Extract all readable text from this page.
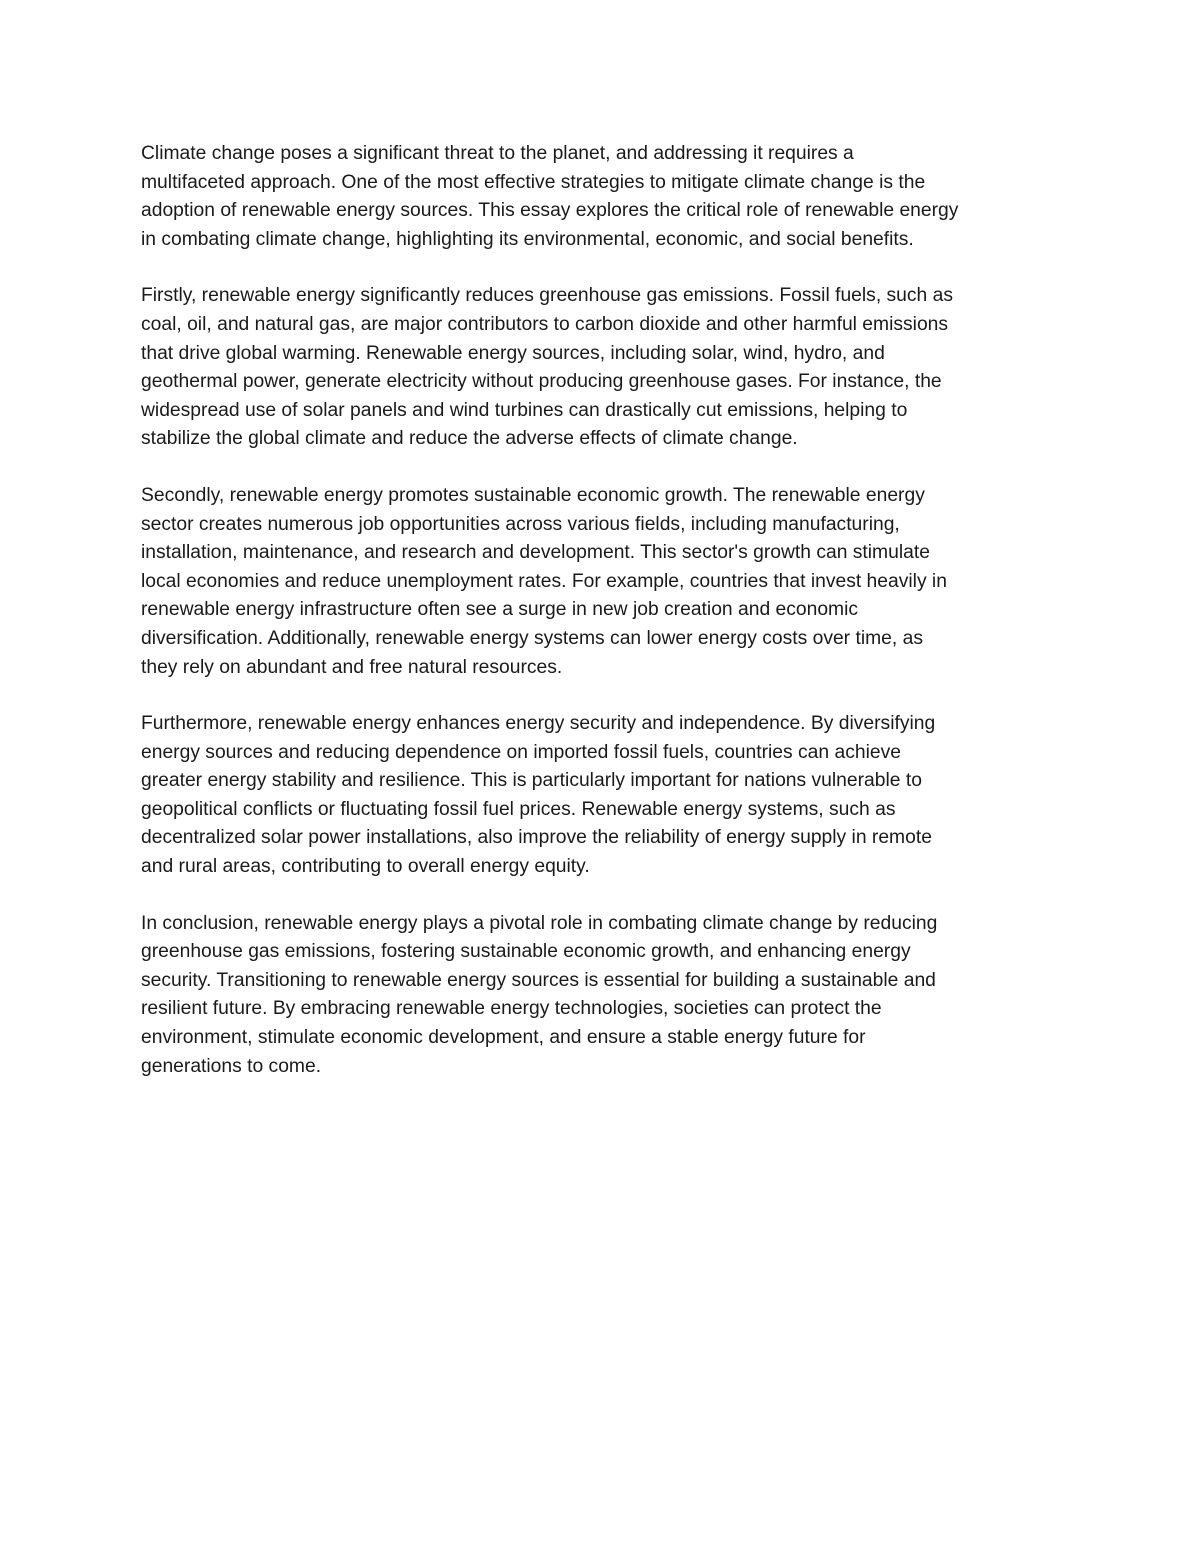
Climate change poses a significant threat to the planet, and addressing it requires a
multifaceted approach. One of the most effective strategies to mitigate climate change is the
adoption of renewable energy sources. This essay explores the critical role of renewable energy
in combating climate change, highlighting its environmental, economic, and social benefits.

Firstly, renewable energy significantly reduces greenhouse gas emissions. Fossil fuels, such as
coal, oil, and natural gas, are major contributors to carbon dioxide and other harmful emissions
that drive global warming. Renewable energy sources, including solar, wind, hydro, and
geothermal power, generate electricity without producing greenhouse gases. For instance, the
widespread use of solar panels and wind turbines can drastically cut emissions, helping to
stabilize the global climate and reduce the adverse effects of climate change.

Secondly, renewable energy promotes sustainable economic growth. The renewable energy
sector creates numerous job opportunities across various fields, including manufacturing,
installation, maintenance, and research and development. This sector's growth can stimulate
local economies and reduce unemployment rates. For example, countries that invest heavily in
renewable energy infrastructure often see a surge in new job creation and economic
diversification. Additionally, renewable energy systems can lower energy costs over time, as
they rely on abundant and free natural resources.

Furthermore, renewable energy enhances energy security and independence. By diversifying
energy sources and reducing dependence on imported fossil fuels, countries can achieve
greater energy stability and resilience. This is particularly important for nations vulnerable to
geopolitical conflicts or fluctuating fossil fuel prices. Renewable energy systems, such as
decentralized solar power installations, also improve the reliability of energy supply in remote
and rural areas, contributing to overall energy equity.

In conclusion, renewable energy plays a pivotal role in combating climate change by reducing
greenhouse gas emissions, fostering sustainable economic growth, and enhancing energy
security. Transitioning to renewable energy sources is essential for building a sustainable and
resilient future. By embracing renewable energy technologies, societies can protect the
environment, stimulate economic development, and ensure a stable energy future for
generations to come.
